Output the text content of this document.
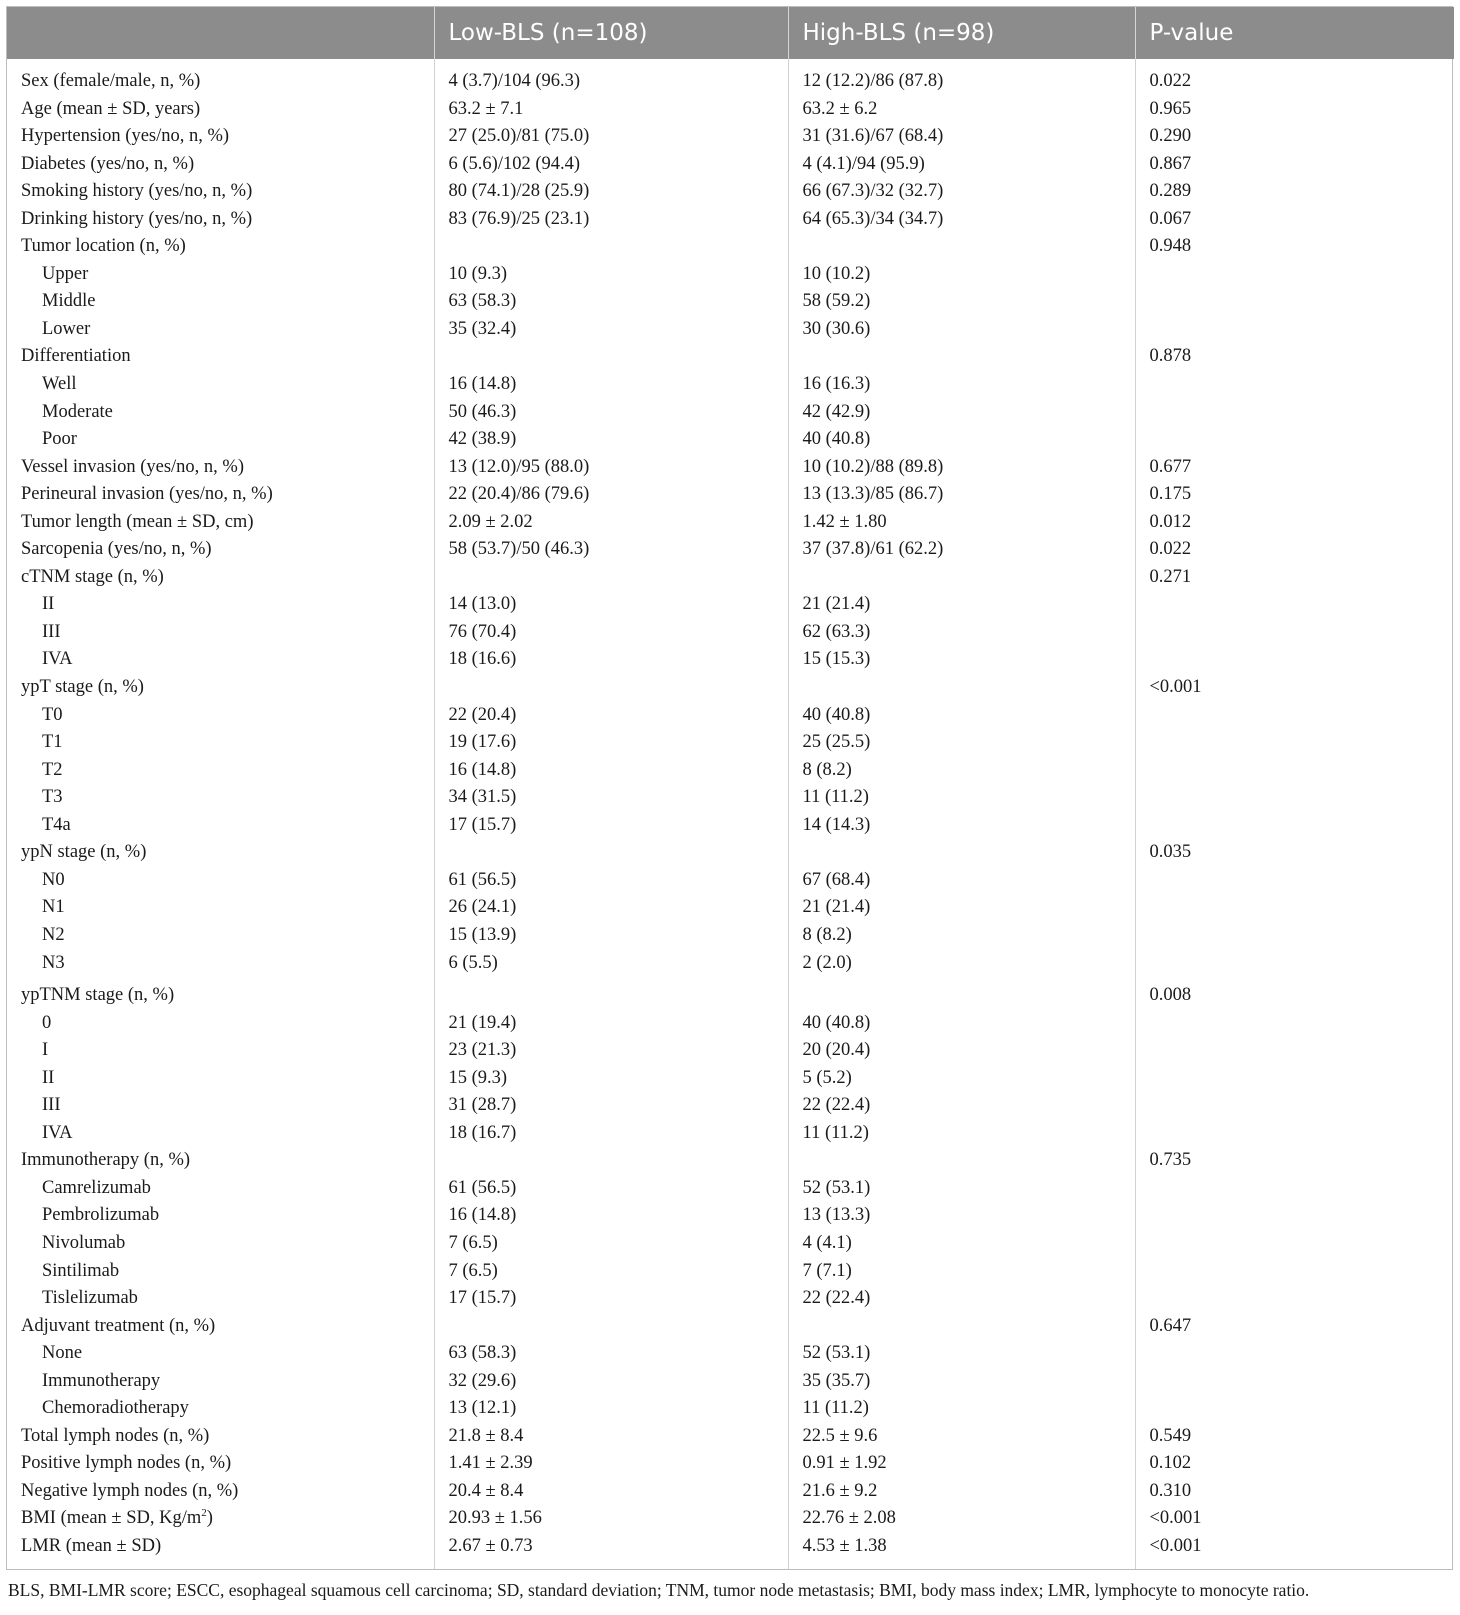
	Low-BLS (n=108)	High-BLS (n=98)	P-value
Sex (female/male, n, %)	4 (3.7)/104 (96.3)	12 (12.2)/86 (87.8)	0.022
Age (mean ± SD, years)	63.2 ± 7.1	63.2 ± 6.2	0.965
Hypertension (yes/no, n, %)	27 (25.0)/81 (75.0)	31 (31.6)/67 (68.4)	0.290
Diabetes (yes/no, n, %)	6 (5.6)/102 (94.4)	4 (4.1)/94 (95.9)	0.867
Smoking history (yes/no, n, %)	80 (74.1)/28 (25.9)	66 (67.3)/32 (32.7)	0.289
Drinking history (yes/no, n, %)	83 (76.9)/25 (23.1)	64 (65.3)/34 (34.7)	0.067
Tumor location (n, %)			0.948
Upper	10 (9.3)	10 (10.2)	
Middle	63 (58.3)	58 (59.2)	
Lower	35 (32.4)	30 (30.6)	
Differentiation			0.878
Well	16 (14.8)	16 (16.3)	
Moderate	50 (46.3)	42 (42.9)	
Poor	42 (38.9)	40 (40.8)	
Vessel invasion (yes/no, n, %)	13 (12.0)/95 (88.0)	10 (10.2)/88 (89.8)	0.677
Perineural invasion (yes/no, n, %)	22 (20.4)/86 (79.6)	13 (13.3)/85 (86.7)	0.175
Tumor length (mean ± SD, cm)	2.09 ± 2.02	1.42 ± 1.80	0.012
Sarcopenia (yes/no, n, %)	58 (53.7)/50 (46.3)	37 (37.8)/61 (62.2)	0.022
cTNM stage (n, %)			0.271
II	14 (13.0)	21 (21.4)	
III	76 (70.4)	62 (63.3)	
IVA	18 (16.6)	15 (15.3)	
ypT stage (n, %)			<0.001
T0	22 (20.4)	40 (40.8)	
T1	19 (17.6)	25 (25.5)	
T2	16 (14.8)	8 (8.2)	
T3	34 (31.5)	11 (11.2)	
T4a	17 (15.7)	14 (14.3)	
ypN stage (n, %)			0.035
N0	61 (56.5)	67 (68.4)	
N1	26 (24.1)	21 (21.4)	
N2	15 (13.9)	8 (8.2)	
N3	6 (5.5)	2 (2.0)	
ypTNM stage (n, %)			0.008
0	21 (19.4)	40 (40.8)	
I	23 (21.3)	20 (20.4)	
II	15 (9.3)	5 (5.2)	
III	31 (28.7)	22 (22.4)	
IVA	18 (16.7)	11 (11.2)	
Immunotherapy (n, %)			0.735
Camrelizumab	61 (56.5)	52 (53.1)	
Pembrolizumab	16 (14.8)	13 (13.3)	
Nivolumab	7 (6.5)	4 (4.1)	
Sintilimab	7 (6.5)	7 (7.1)	
Tislelizumab	17 (15.7)	22 (22.4)	
Adjuvant treatment (n, %)			0.647
None	63 (58.3)	52 (53.1)	
Immunotherapy	32 (29.6)	35 (35.7)	
Chemoradiotherapy	13 (12.1)	11 (11.2)	
Total lymph nodes (n, %)	21.8 ± 8.4	22.5 ± 9.6	0.549
Positive lymph nodes (n, %)	1.41 ± 2.39	0.91 ± 1.92	0.102
Negative lymph nodes (n, %)	20.4 ± 8.4	21.6 ± 9.2	0.310
BMI (mean ± SD, $Kg/m^2$)	20.93 ± 1.56	22.76 ± 2.08	<0.001
LMR (mean ± SD)	2.67 ± 0.73	4.53 ± 1.38	<0.001
BLS, BMI-LMR score; ESCC, esophageal squamous cell carcinoma; SD, standard deviation; TNM, tumor node metastasis; BMI, body mass index; LMR, lymphocyte to monocyte ratio.
